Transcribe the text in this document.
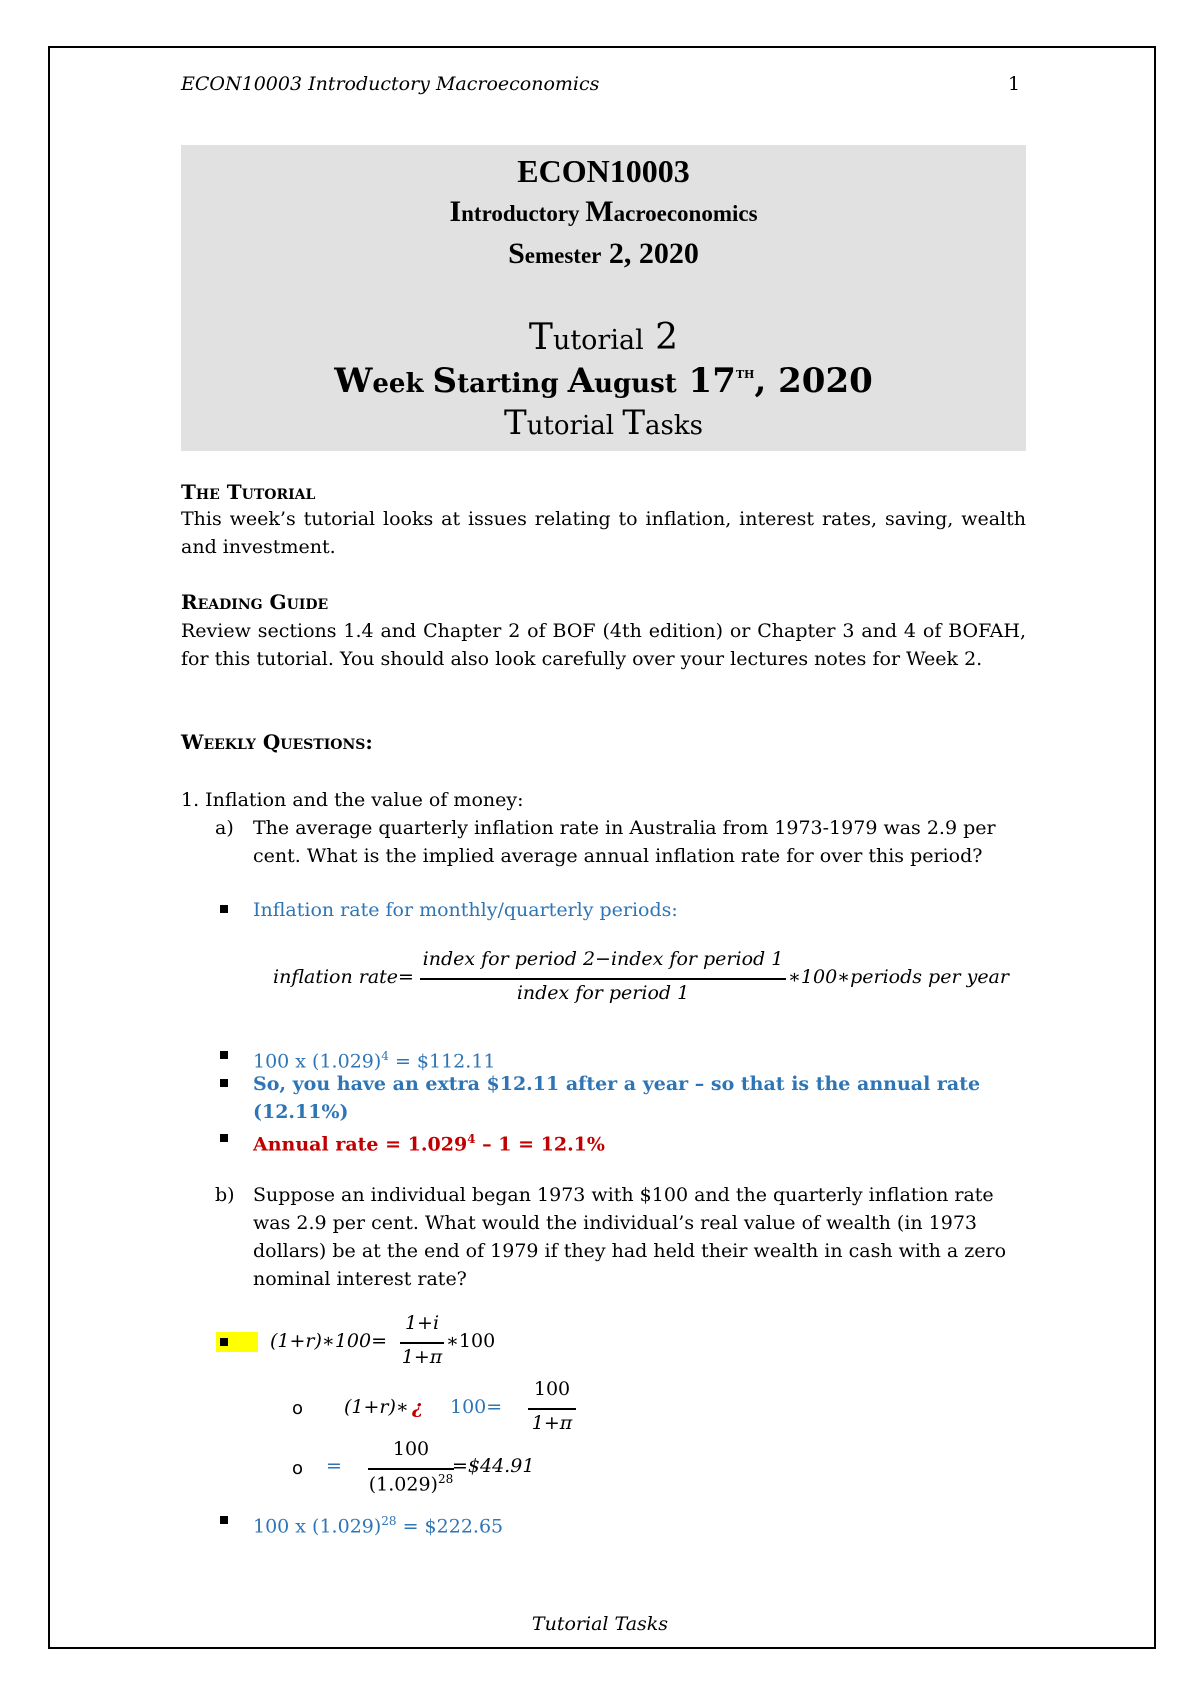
ECON10003 Introductory Macroeconomics	1
ECON10003
Introductory Macroeconomics
Semester 2, 2020
Tutorial 2
Week Starting August 17th, 2020
Tutorial Tasks
The Tutorial
This week’s tutorial looks at issues relating to inflation, interest rates, saving, wealth and investment.
Reading Guide
Review sections 1.4 and Chapter 2 of BOF (4th edition) or Chapter 3 and 4 of BOFAH, for this tutorial. You should also look carefully over your lectures notes for Week 2.
Weekly Questions:
1. Inflation and the value of money:
a) The average quarterly inflation rate in Australia from 1973-1979 was 2.9 per cent. What is the implied average annual inflation rate for over this period?
Inflation rate for monthly/quarterly periods:
inflation rate=
index for period 2−index for period 1
index for period 1
∗100∗periods per year
100 x $(1.029)^4$ = $112.11
So, you have an extra $12.11 after a year – so that is the annual rate (12.11%)
Annual rate = $1.029^4 - 1 = 12.1\%$
b) Suppose an individual began 1973 with $100 and the quarterly inflation rate was 2.9 per cent. What would the individual’s real value of wealth (in 1973 dollars) be at the end of 1979 if they had held their wealth in cash with a zero nominal interest rate?
(1+r)∗100=
1+i
1+π
∗100
o (1+r)∗ ¿ 100=
100
1+π
o =
100
$(1.029)^{28}$
=$44.91
100 x $(1.029)^{28}$ = $222.65
Tutorial Tasks
